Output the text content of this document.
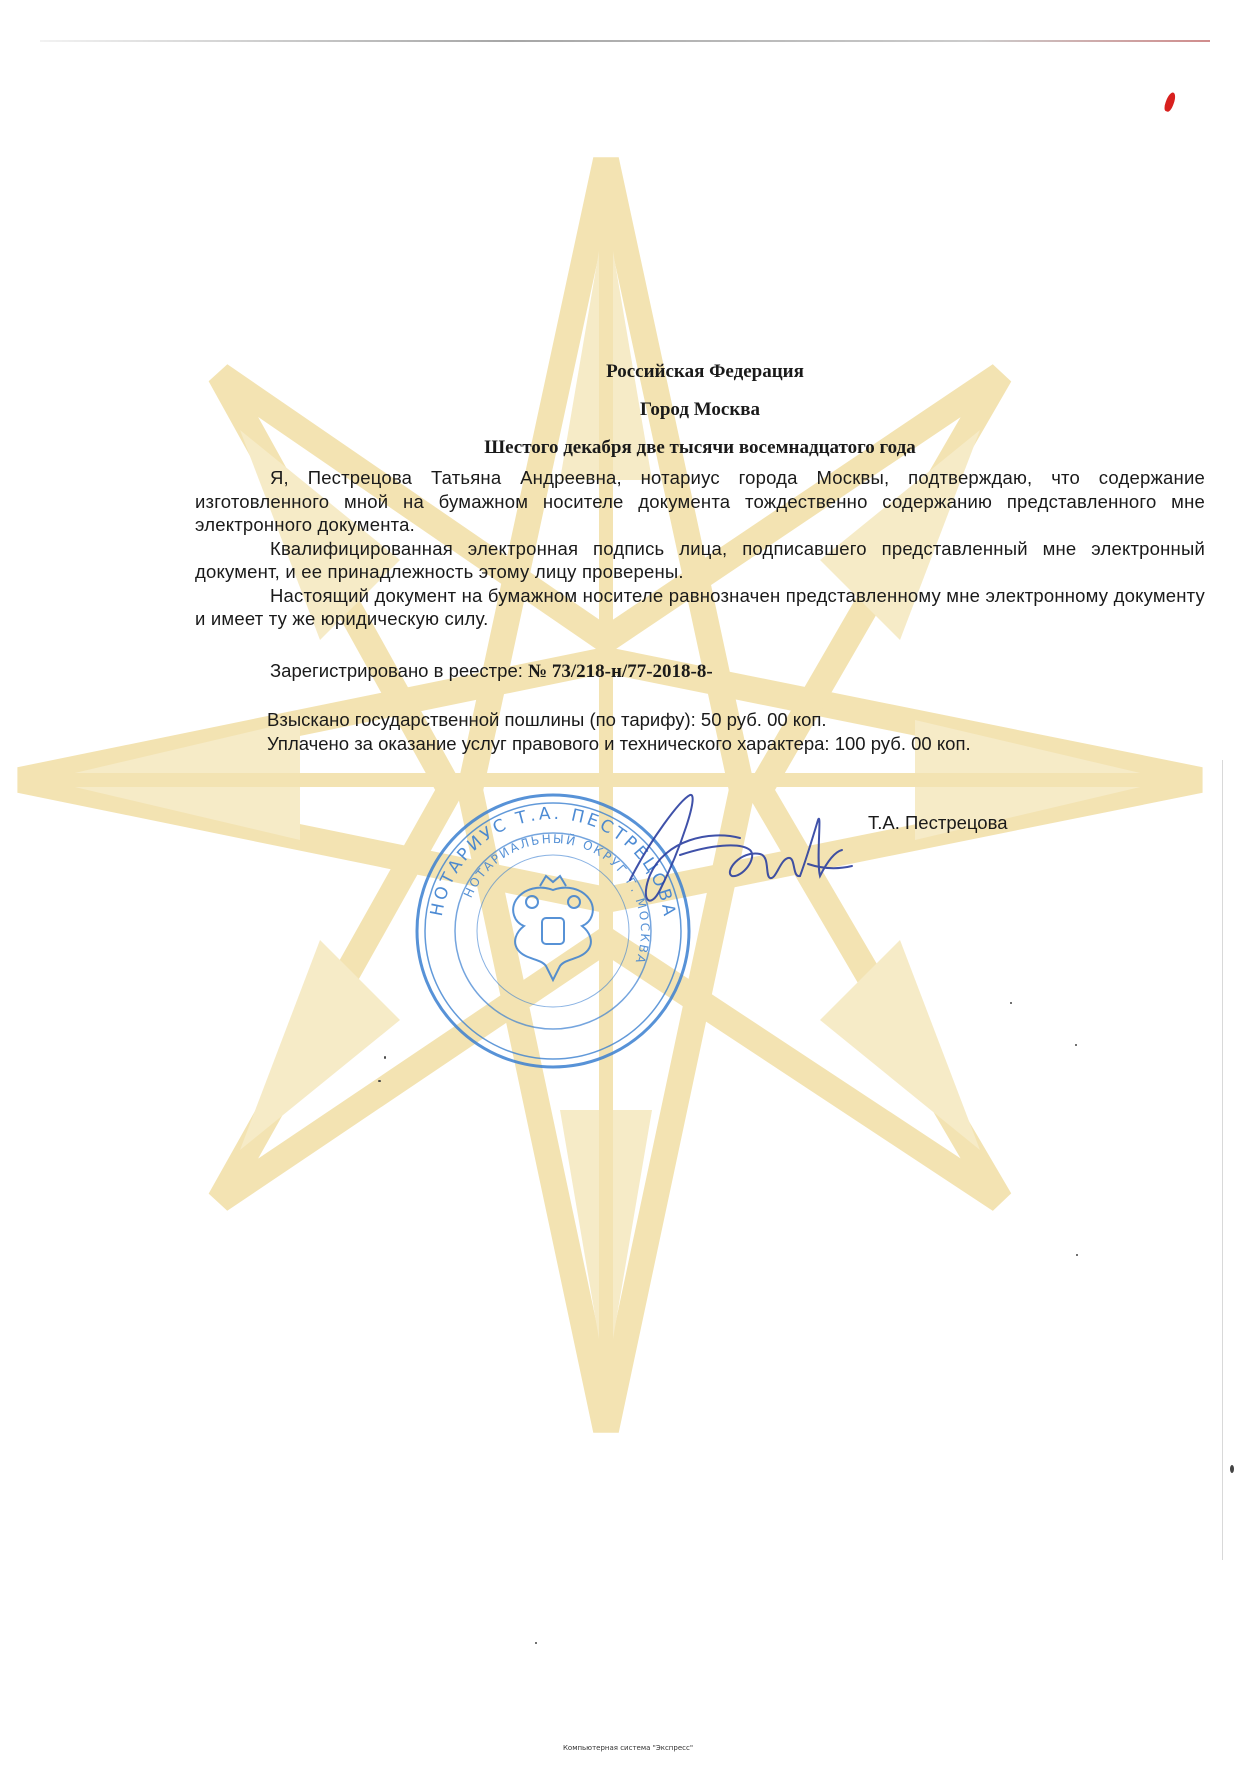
Российская Федерация

Город Москва

Шестого декабря две тысячи восемнадцатого года

Я, Пестрецова Татьяна Андреевна, нотариус города Москвы, подтверждаю, что содержание изготовленного мной на бумажном носителе документа тождественно содержанию представленного мне электронного документа.

Квалифицированная электронная подпись лица, подписавшего представленный мне электронный документ, и ее принадлежность этому лицу проверены.

Настоящий документ на бумажном носителе равнозначен представленному мне электронному документу и имеет ту же юридическую силу.

Зарегистрировано в реестре: № 73/218-н/77-2018-8-

Взыскано государственной пошлины (по тарифу): 50 руб. 00 коп.

Уплачено за оказание услуг правового и технического характера: 100 руб. 00 коп.

Т.А. Пестрецова
НОТАРИУС Т.А. ПЕСТРЕЦОВА
НОТАРИАЛЬНЫЙ ОКРУГ Г. МОСКВА
Компьютерная система "Экспресс"
